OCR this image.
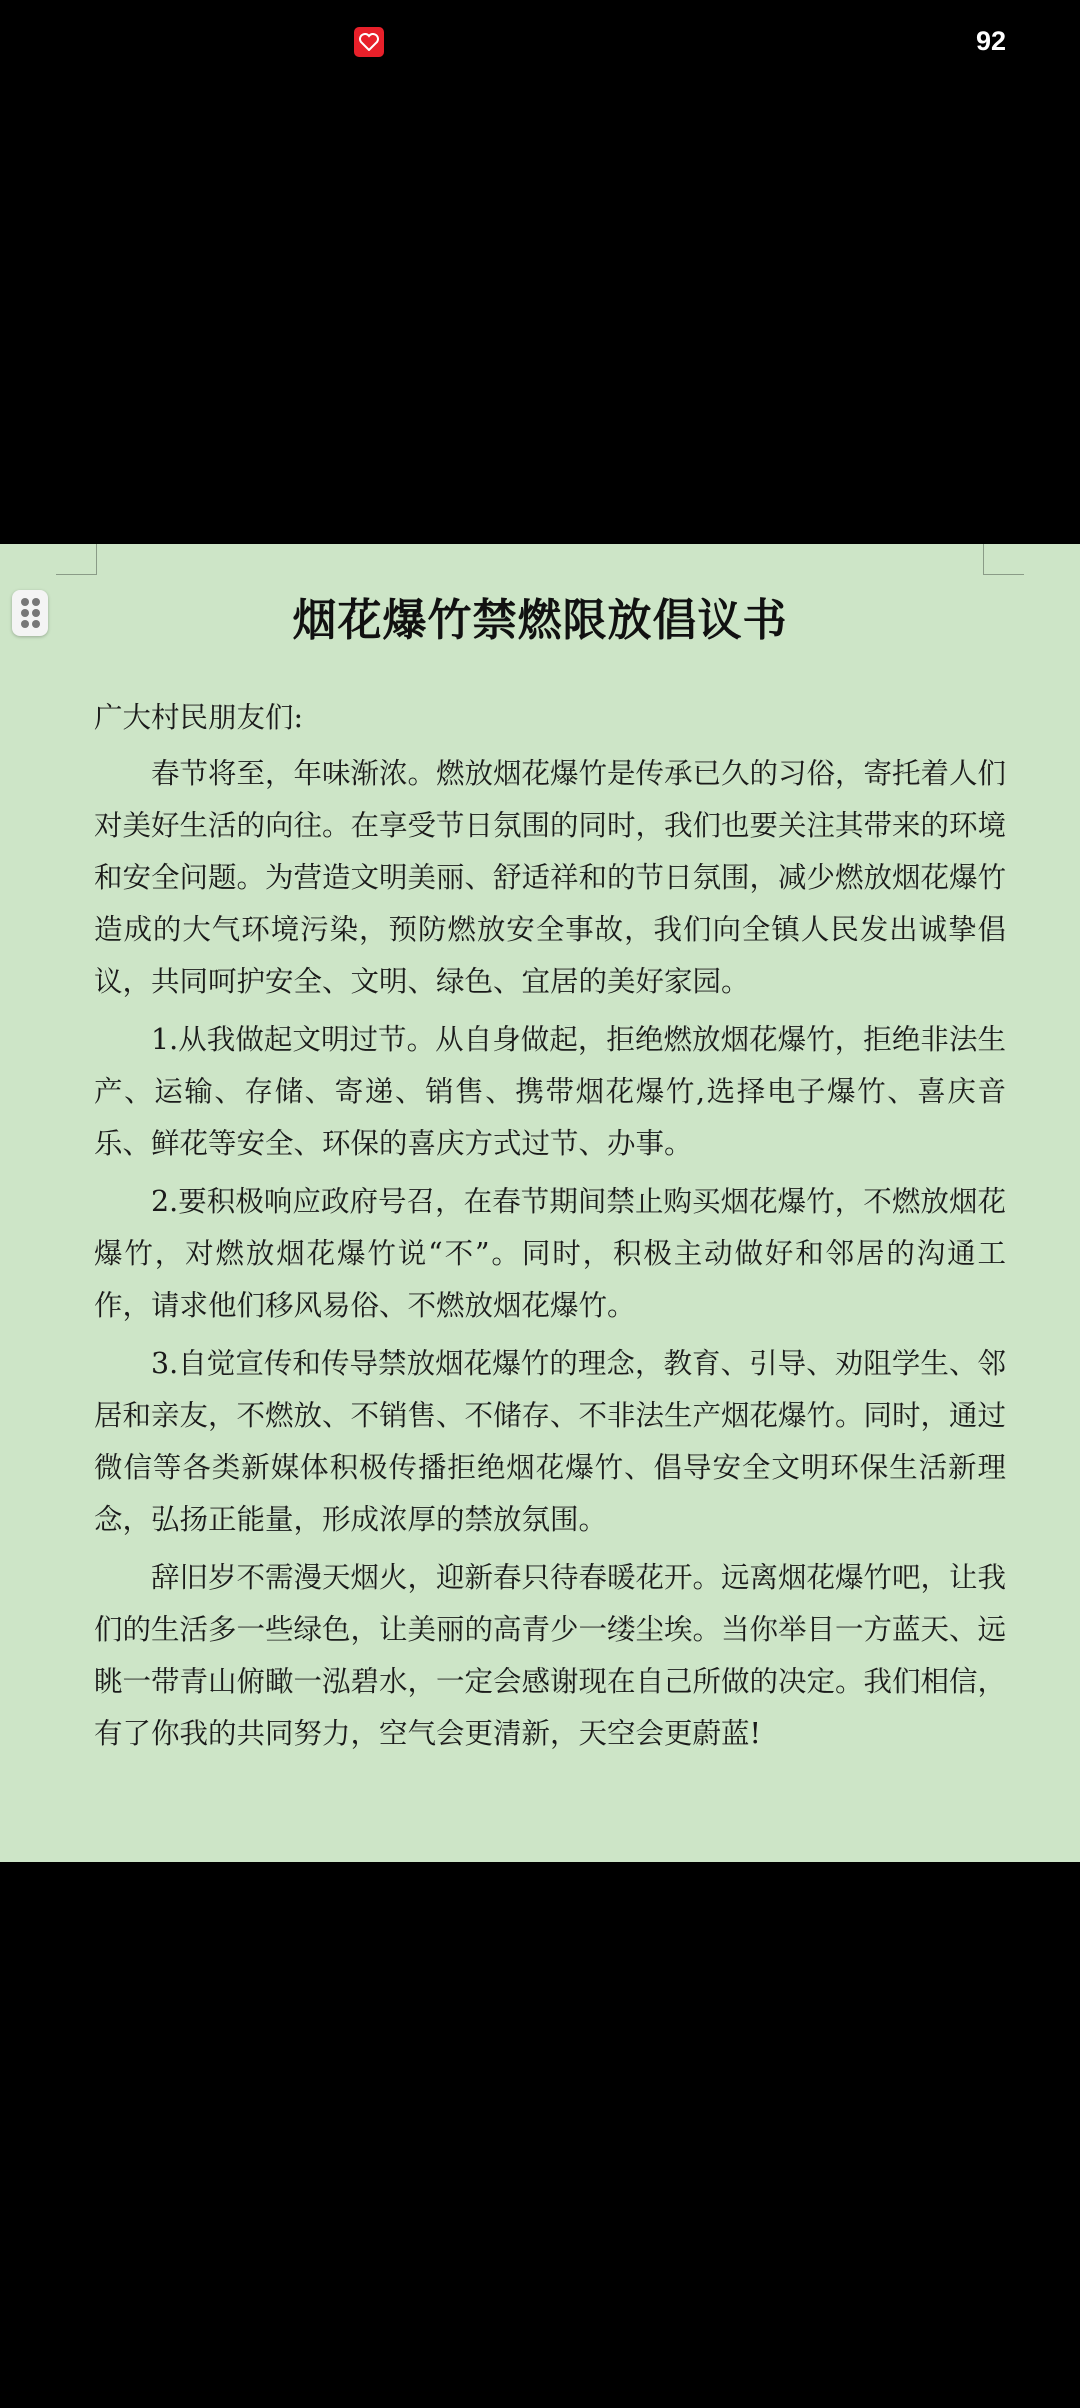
92
烟花爆竹禁燃限放倡议书

广大村民朋友们:

春节将至，年味渐浓。燃放烟花爆竹是传承已久的习俗，寄托着人们对美好生活的向往。在享受节日氛围的同时，我们也要关注其带来的环境和安全问题。为营造文明美丽、舒适祥和的节日氛围，减少燃放烟花爆竹造成的大气环境污染，预防燃放安全事故，我们向全镇人民发出诚挚倡议，共同呵护安全、文明、绿色、宜居的美好家园。

1.从我做起文明过节。从自身做起，拒绝燃放烟花爆竹，拒绝非法生产、运输、存储、寄递、销售、携带烟花爆竹,选择电子爆竹、喜庆音乐、鲜花等安全、环保的喜庆方式过节、办事。

2.要积极响应政府号召，在春节期间禁止购买烟花爆竹，不燃放烟花爆竹，对燃放烟花爆竹说“不”。同时，积极主动做好和邻居的沟通工作，请求他们移风易俗、不燃放烟花爆竹。

3.自觉宣传和传导禁放烟花爆竹的理念，教育、引导、劝阻学生、邻居和亲友，不燃放、不销售、不储存、不非法生产烟花爆竹。同时，通过微信等各类新媒体积极传播拒绝烟花爆竹、倡导安全文明环保生活新理念，弘扬正能量，形成浓厚的禁放氛围。

辞旧岁不需漫天烟火，迎新春只待春暖花开。远离烟花爆竹吧，让我们的生活多一些绿色，让美丽的高青少一缕尘埃。当你举目一方蓝天、远眺一带青山俯瞰一泓碧水，一定会感谢现在自己所做的决定。我们相信，有了你我的共同努力，空气会更清新，天空会更蔚蓝!
